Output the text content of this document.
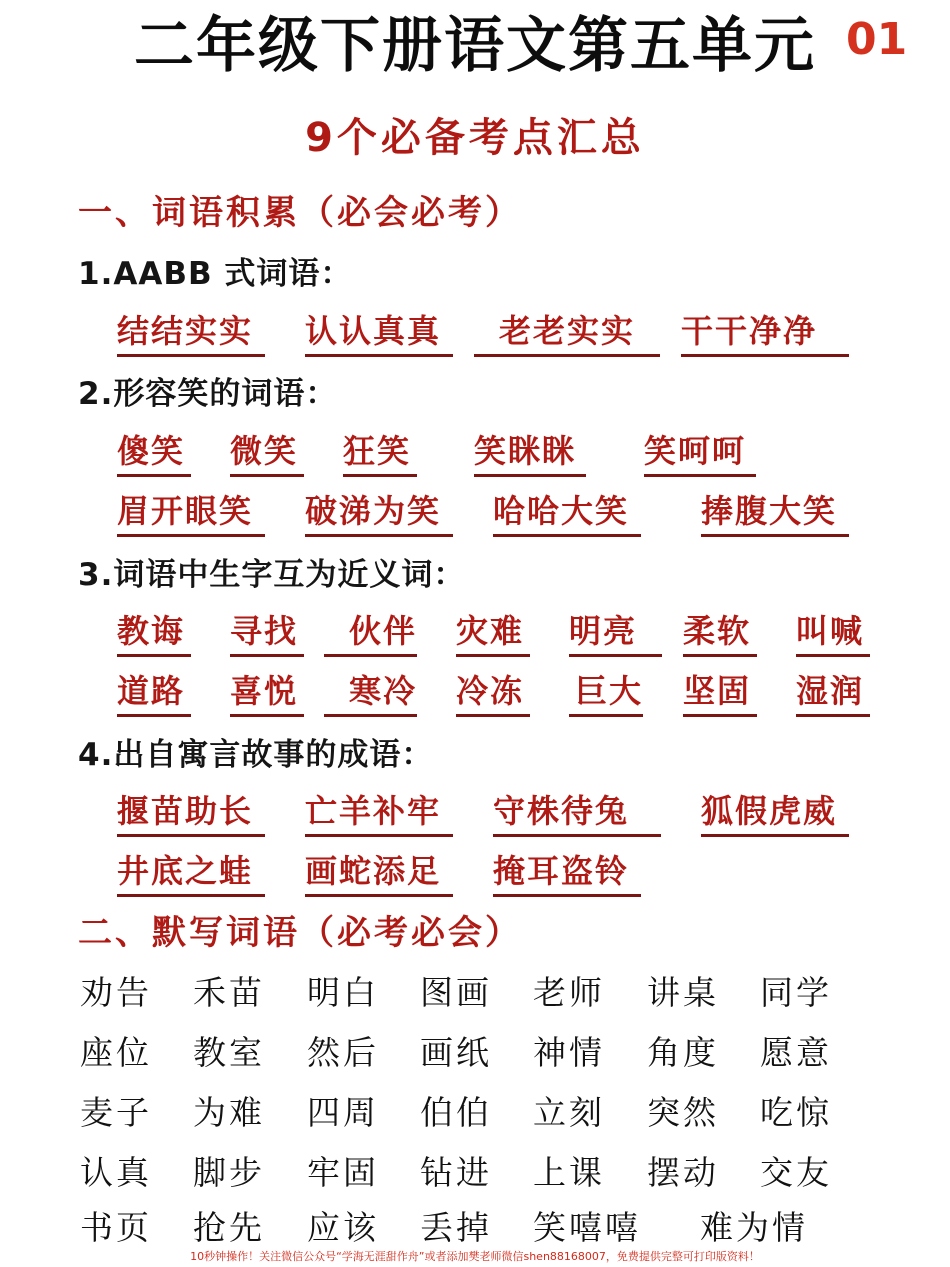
二年级下册语文第五单元 01
9个必备考点汇总
一、词语积累（必会必考）
1.AABB 式词语：
结结实实	认认真真	老老实实	干干净净
2.形容笑的词语：
傻笑 微笑 狂笑 笑眯眯	笑呵呵
眉开眼笑	破涕为笑	哈哈大笑	捧腹大笑
3.词语中生字互为近义词：
教诲 寻找	伙伴 灾难 明亮	柔软 叫喊
道路 喜悦	寒冷 冷冻 巨大 坚固 湿润
4.出自寓言故事的成语：
揠苗助长	亡羊补牢	守株待兔	狐假虎威
井底之蛙	画蛇添足	掩耳盗铃
二、默写词语（必考必会）
劝告 禾苗 明白 图画 老师 讲桌 同学
座位 教室 然后 画纸 神情 角度 愿意
麦子 为难 四周 伯伯 立刻 突然 吃惊
认真 脚步 牢固 钻进 上课 摆动 交友
书页 抢先 应该 丢掉 笑嘻嘻 难为情
10秒钟操作！关注微信公众号“学海无涯甜作舟”或者添加樊老师微信shen88168007，免费提供完整可打印版资料！
